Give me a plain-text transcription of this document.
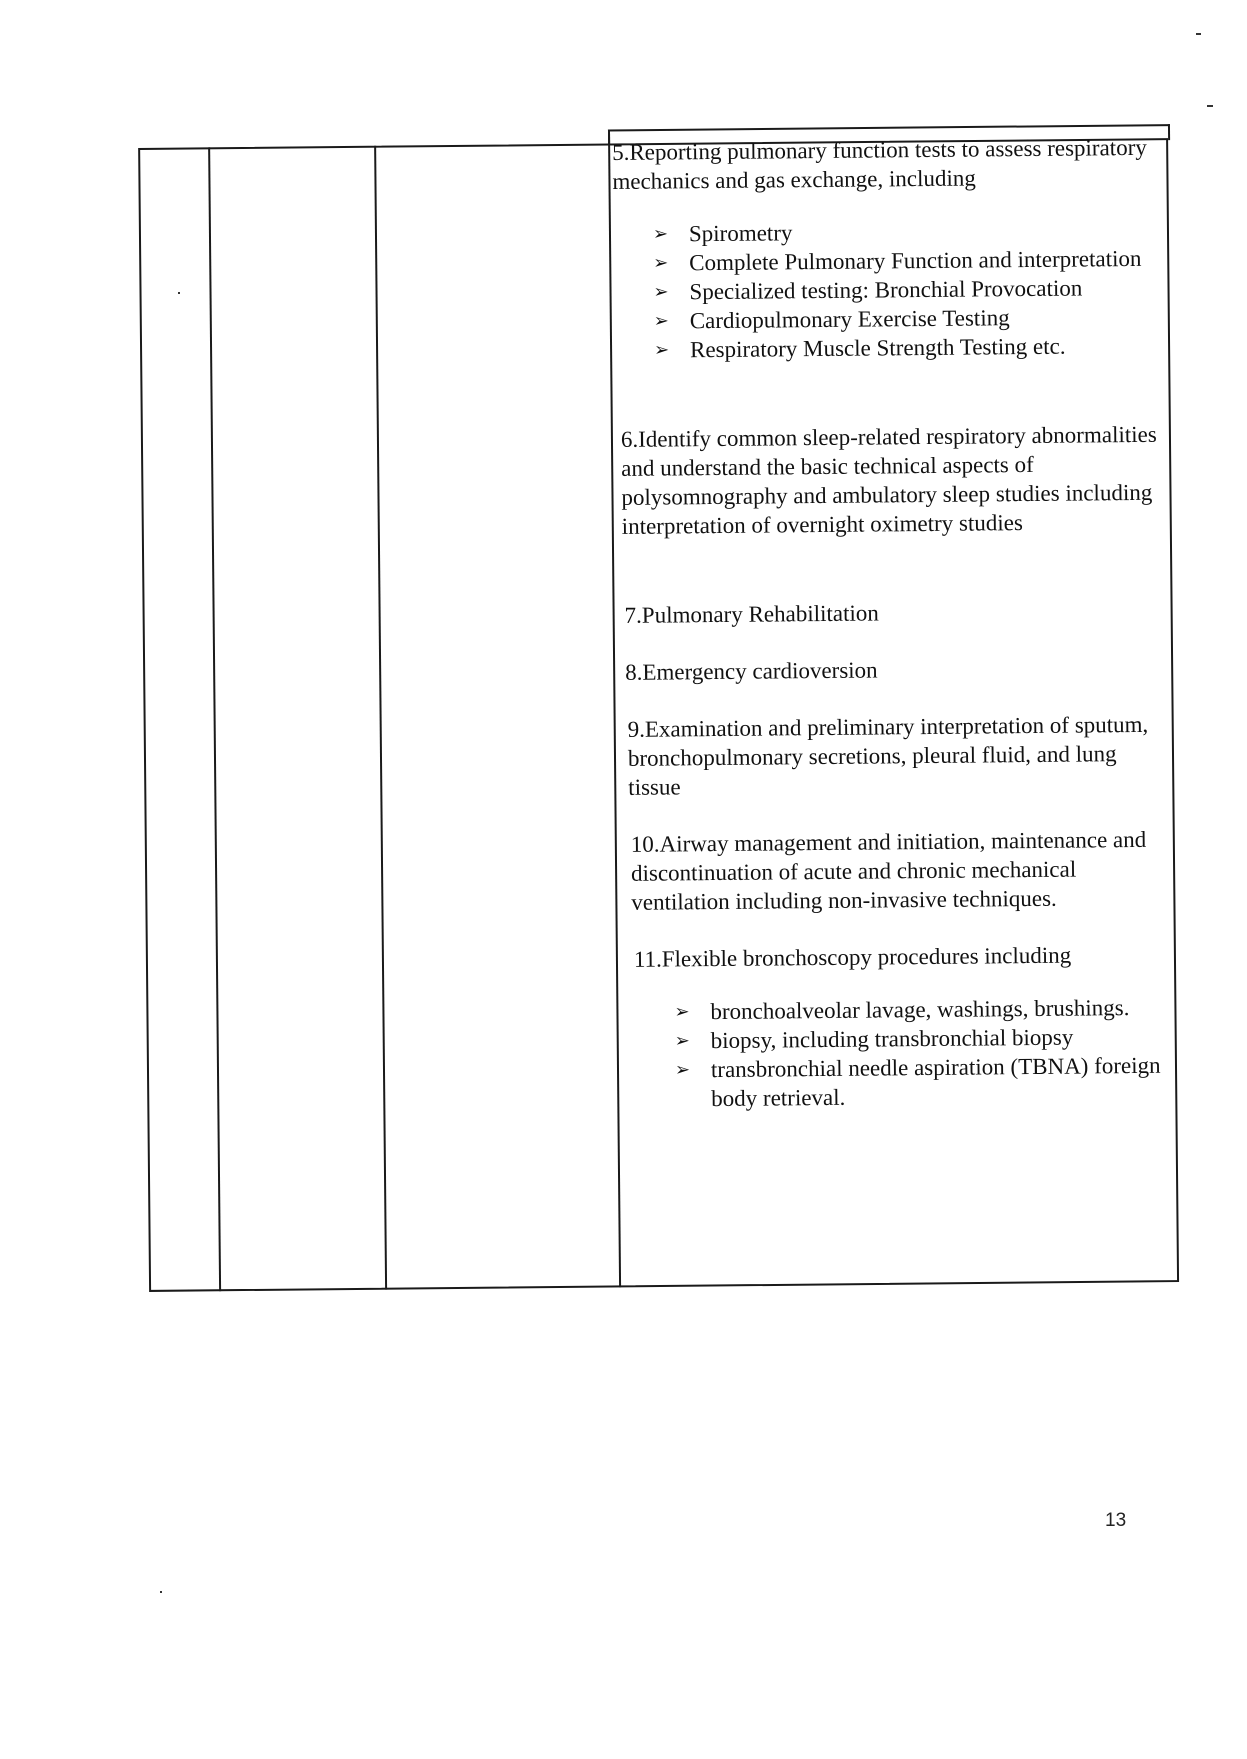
5.Reporting pulmonary function tests to assess respiratory mechanics and gas exchange, including

➢ Spirometry
➢ Complete Pulmonary Function and interpretation
➢ Specialized testing: Bronchial Provocation
➢ Cardiopulmonary Exercise Testing
➢ Respiratory Muscle Strength Testing etc.

6.Identify common sleep-related respiratory abnormalities and understand the basic technical aspects of polysomnography and ambulatory sleep studies including interpretation of overnight oximetry studies

7.Pulmonary Rehabilitation

8.Emergency cardioversion

9.Examination and preliminary interpretation of sputum, bronchopulmonary secretions, pleural fluid, and lung tissue

10.Airway management and initiation, maintenance and discontinuation of acute and chronic mechanical ventilation including non-invasive techniques.

11.Flexible bronchoscopy procedures including

➢ bronchoalveolar lavage, washings, brushings.
➢ biopsy, including transbronchial biopsy
➢ transbronchial needle aspiration (TBNA) foreign body retrieval.
13
